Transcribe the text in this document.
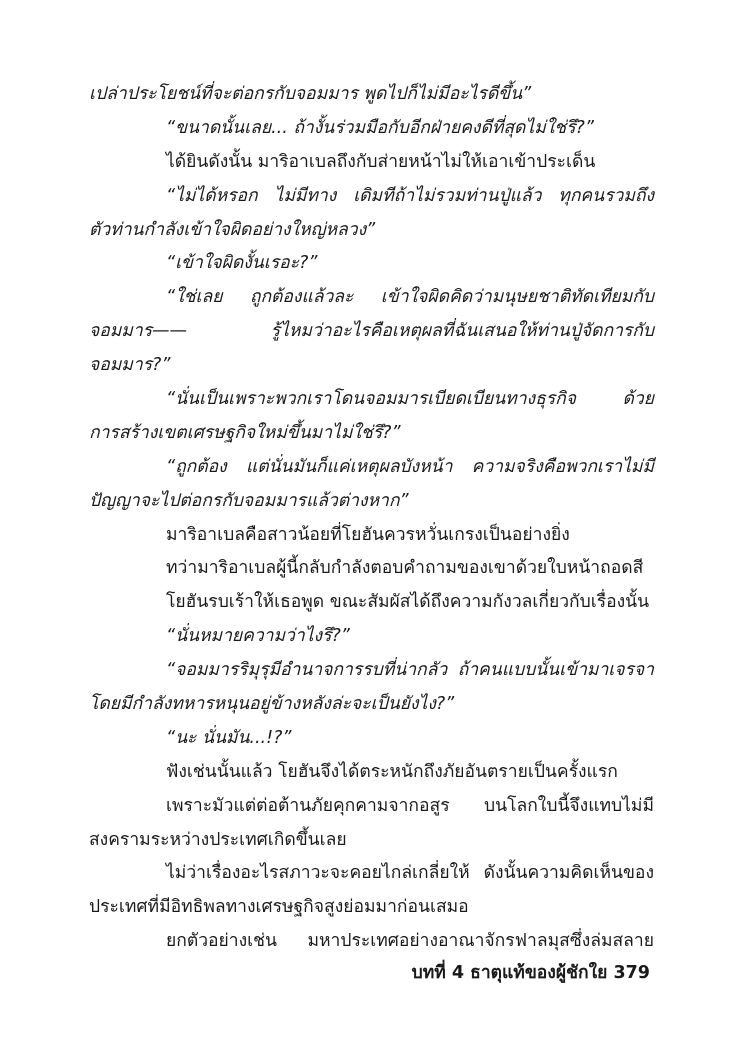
เปล่าประโยชน์ที่จะต่อกรกับจอมมาร พูดไปก็ไม่มีอะไรดีขึ้น”
“ขนาดนั้นเลย... ถ้างั้นร่วมมือกับอีกฝ่ายคงดีที่สุดไม่ใช่รึ?”
ได้ยินดังนั้น มาริอาเบลถึงกับส่ายหน้าไม่ให้เอาเข้าประเด็น
“ไม่ได้หรอก ไม่มีทาง เดิมทีถ้าไม่รวมท่านปู่แล้ว ทุกคนรวมถึง
ตัวท่านกำลังเข้าใจผิดอย่างใหญ่หลวง”
“เข้าใจผิดงั้นเรอะ?”
“ใช่เลย ถูกต้องแล้วละ เข้าใจผิดคิดว่ามนุษยชาติทัดเทียมกับ
จอมมาร—— รู้ไหมว่าอะไรคือเหตุผลที่ฉันเสนอให้ท่านปู่จัดการกับ
จอมมาร?”
“นั่นเป็นเพราะพวกเราโดนจอมมารเบียดเบียนทางธุรกิจ ด้วย
การสร้างเขตเศรษฐกิจใหม่ขึ้นมาไม่ใช่รึ?”
“ถูกต้อง แต่นั่นมันก็แค่เหตุผลบังหน้า ความจริงคือพวกเราไม่มี
ปัญญาจะไปต่อกรกับจอมมารแล้วต่างหาก”
มาริอาเบลคือสาวน้อยที่โยฮันควรหวั่นเกรงเป็นอย่างยิ่ง
ทว่ามาริอาเบลผู้นี้กลับกำลังตอบคำถามของเขาด้วยใบหน้าถอดสี
โยฮันรบเร้าให้เธอพูด ขณะสัมผัสได้ถึงความกังวลเกี่ยวกับเรื่องนั้น
“นั่นหมายความว่าไงรึ?”
“จอมมารริมุรุมีอำนาจการรบที่น่ากลัว ถ้าคนแบบนั้นเข้ามาเจรจา
โดยมีกำลังทหารหนุนอยู่ข้างหลังล่ะจะเป็นยังไง?”
“นะ นั่นมัน...!?”
ฟังเช่นนั้นแล้ว โยฮันจึงได้ตระหนักถึงภัยอันตรายเป็นครั้งแรก
เพราะมัวแต่ต่อต้านภัยคุกคามจากอสูร บนโลกใบนี้จึงแทบไม่มี
สงครามระหว่างประเทศเกิดขึ้นเลย
ไม่ว่าเรื่องอะไรสภาวะจะคอยไกล่เกลี่ยให้ ดังนั้นความคิดเห็นของ
ประเทศที่มีอิทธิพลทางเศรษฐกิจสูงย่อมมาก่อนเสมอ
ยกตัวอย่างเช่น มหาประเทศอย่างอาณาจักรฟาลมุสซึ่งล่มสลาย
บทที่ 4 ธาตุแท้ของผู้ชักใย 379
